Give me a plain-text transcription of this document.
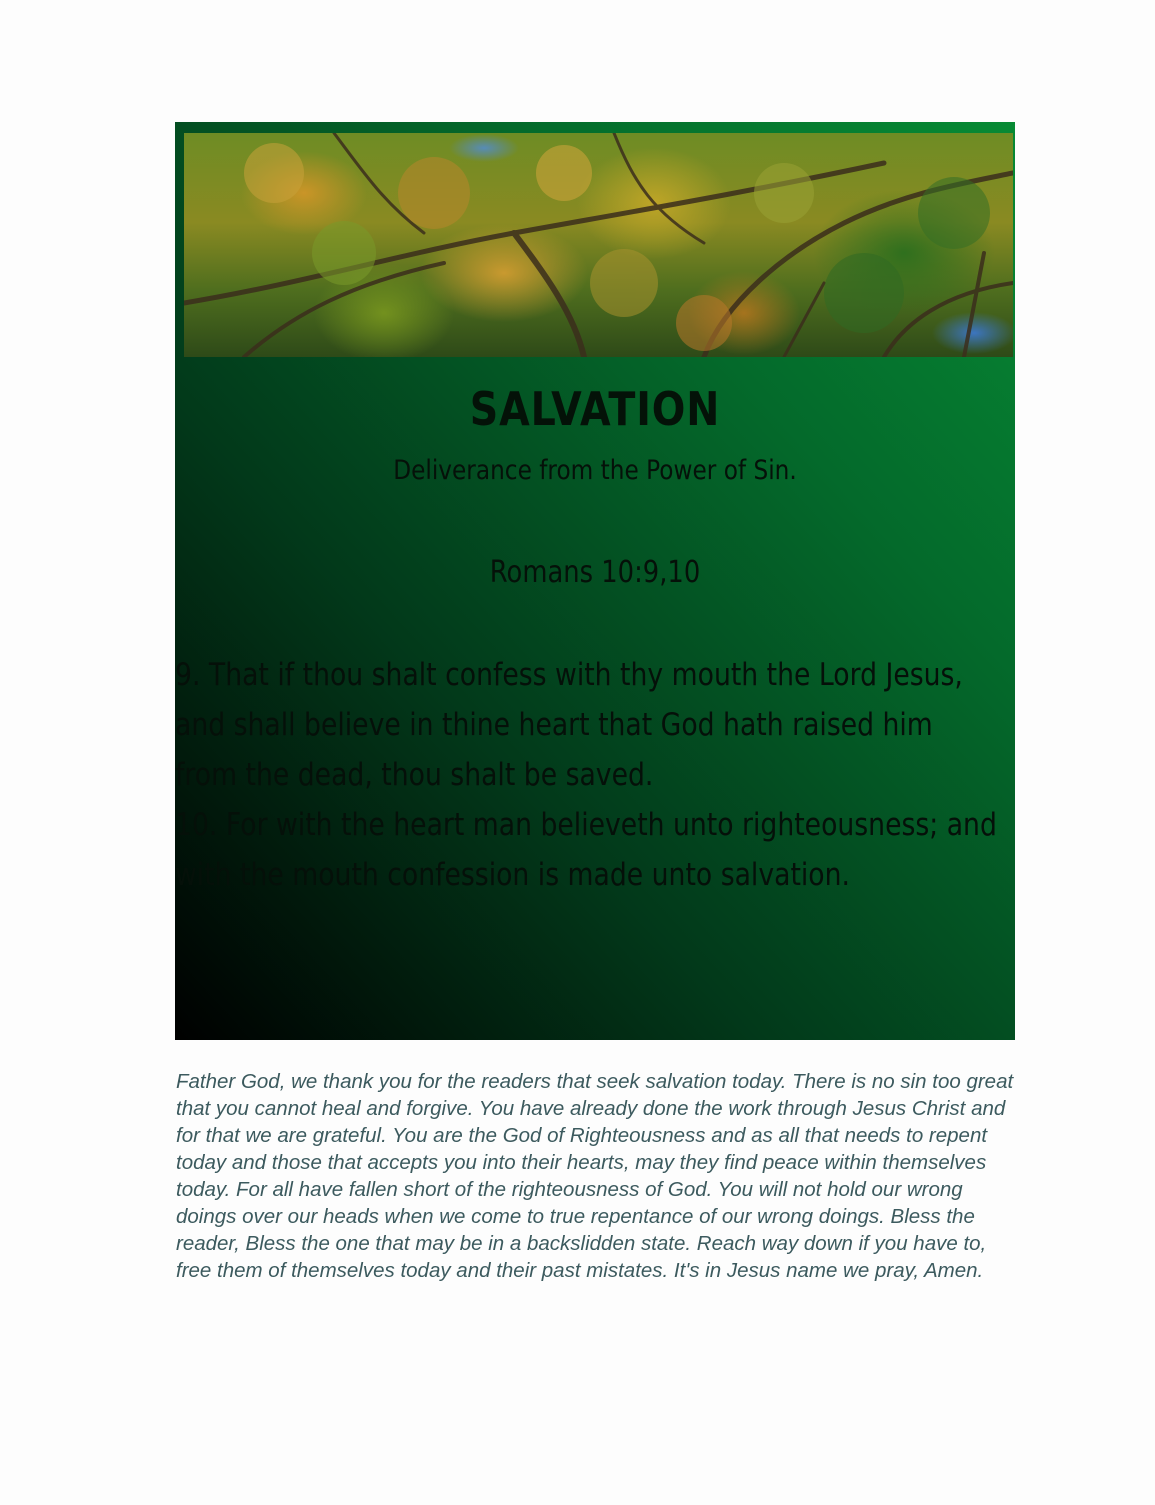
SALVATION
Deliverance from the Power of Sin.
Romans 10:9,10

9. That if thou shalt confess with thy mouth the Lord Jesus, and shall believe in thine heart that God hath raised him from the dead, thou shalt be saved.

10. For with the heart man believeth unto righteousness; and with the mouth confession is made unto salvation.

Father God, we thank you for the readers that seek salvation today. There is no sin too great that you cannot heal and forgive. You have already done the work through Jesus Christ and for that we are grateful. You are the God of Righteousness and as all that needs to repent today and those that accepts you into their hearts, may they find peace within themselves today. For all have fallen short of the righteousness of God. You will not hold our wrong doings over our heads when we come to true repentance of our wrong doings. Bless the reader, Bless the one that may be in a backslidden state. Reach way down if you have to, free them of themselves today and their past mistates. It's in Jesus name we pray, Amen.
